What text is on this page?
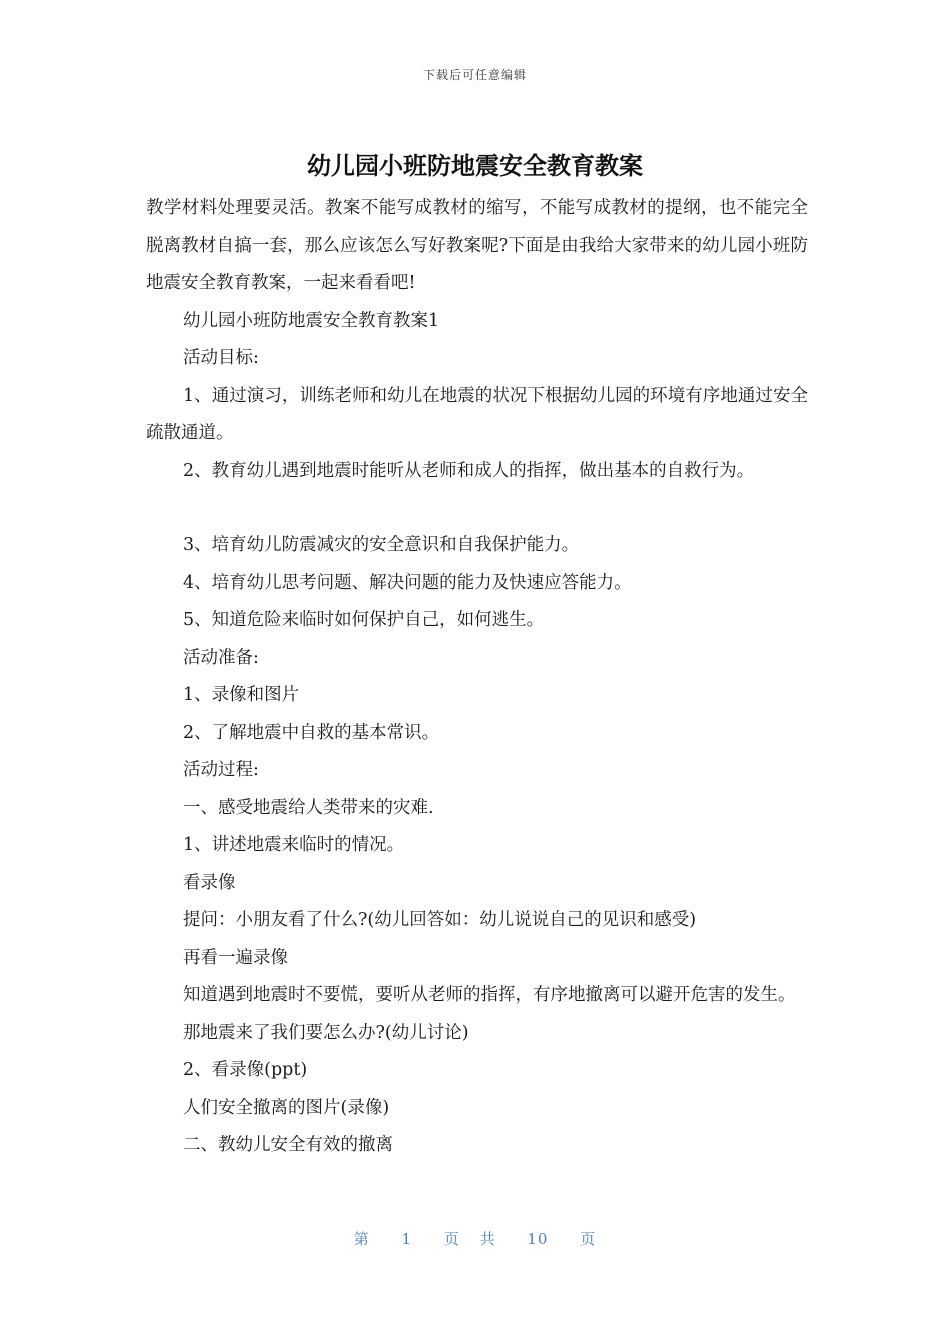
下载后可任意编辑
幼儿园小班防地震安全教育教案

教学材料处理要灵活。教案不能写成教材的缩写，不能写成教材的提纲，也不能完全脱离教材自搞一套，那么应该怎么写好教案呢?下面是由我给大家带来的幼儿园小班防地震安全教育教案，一起来看看吧!

幼儿园小班防地震安全教育教案1

活动目标:

1、通过演习，训练老师和幼儿在地震的状况下根据幼儿园的环境有序地通过安全疏散通道。

2、教育幼儿遇到地震时能听从老师和成人的指挥，做出基本的自救行为。

3、培育幼儿防震减灾的安全意识和自我保护能力。

4、培育幼儿思考问题、解决问题的能力及快速应答能力。

5、知道危险来临时如何保护自己，如何逃生。

活动准备:

1、录像和图片

2、了解地震中自救的基本常识。

活动过程:

一、感受地震给人类带来的灾难.

1、讲述地震来临时的情况。

看录像

提问：小朋友看了什么?(幼儿回答如：幼儿说说自己的见识和感受)

再看一遍录像

知道遇到地震时不要慌，要听从老师的指挥，有序地撤离可以避开危害的发生。

那地震来了我们要怎么办?(幼儿讨论)

2、看录像(ppt)

人们安全撤离的图片(录像)

二、教幼儿安全有效的撤离

第 1 页 共 10 页
